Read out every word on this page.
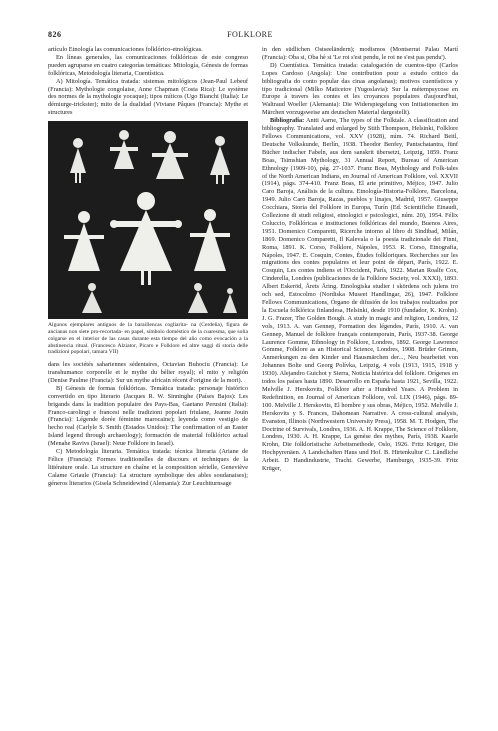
826	FOLKLORE

artículo Etnología las comunicaciones folklórico-etnológicas.

En líneas generales, las comunicaciones folklóricas de este congreso pueden agruparse en cuatro categorías temáticas: Mitología, Génesis de formas folklóricas, Metodología literaria, Cuentística.

A) Mitología. Temática tratada: sistemas mitológicos (Jean-Paul Lebeuf (Francia): Mythologie congolaise, Anne Chapman (Costa Rica): Le système des normes de la mythologie yocaque); tipos míticos (Ugo Bianchi (Italia): Le démiurge-trickster); mito de la dualidad (Viviane Pâques (Francia): Mythe et structures

Algunos ejemplares antiguos de la baraillencas cogliarita- na (Cerdeña), figura de ancianas non siete pro-recortada- en papel, símbolo doméstico de la cuaresma, que solía colgarse en el interior de las casas durante esta tiempo del año como evocación a la abstinencia ritual. (Francesco Alziator, Picaro e Folklore ed altre saggi di storia delle tradizioni popolari, tamara VII)

dans les sociétés sahariennes sédentaires, Octavian Buhociu (Francia): Le transhumance corporelle et le mythe du bélier royal); el mito y religión (Denise Paulme (Francia): Sur un mythe africain récent d'origine de la mort).

B) Génesis de formas folklóricas. Temática tratada: personaje histórico convertido en tipo literario (Jacques R. W. Sinninghe (Países Bajos): Les brigands dans la tradition populaire des Pays-Bas, Gaetano Perusini (Italia): Franco-carolingi e francesi nelle tradizioni popolari friulane, Jeanne Jouin (Francia): Légende dorée féminine marocaine); leyenda como vestigio de hecho real (Carlyle S. Smith (Estados Unidos): The confirmation of an Easter Island legend through archaeology); formación de material folklórico actual (Menahe Ravivs (Israel): Neue Folklore in Israel).

C) Metodología literaria. Temática tratada: técnica literaria (Ariane de Félice (Francia): Formes traditionelles de discours et techniques de la littérature orale. La structure en chaîne et la composition sérielle, Geneviève Calame Griaule (Francia): La structure symbolique des ables soudanaises); géneros literarios (Gisela Schneidewind (Alemania): Zur Leuchtturnsage

in den südlichen Ostseeländern); modismos (Montserrat Palau Martí (Francia): Oba si, Oba hè si 'Le roi s'est pendu, le roi ne s'est pas pendu').

D) Cuentística. Temática tratada: catalogación de cuentos-tipo (Carlos Lopes Cardoso (Angola): Une contribution pour a estudo critico da bibliografia do conto popular das cinas angolanas); motivos cuentísticos y tipo tradicional (Milko Maticetov (Yugoslavia): Sur la métempsycose en Europe à travers les contes et les croyances populaires d'aujourd'hui, Waltraud Woeller (Alemania): Die Widerspiegelung von Initiationsriten im Märchen vorzugsweise am deutschen Material dargestellt).

Bibliografía: Antti Aarne, The types of the Folktale. A classification and bibliography. Translated and enlarged by Stith Thompson, Helsinki, Folklore Fellows Communications, vol. XXV (1928), núm. 74. Richard Beitl, Deutsche Volkskunde, Berlín, 1938. Theodor Benfey, Pantschatantra, fünf Bücher indischer Fabeln, aus dem sanskrit übersetzt, Leipzig, 1859. Franz Boas, Tsimshian Mythology, 31 Annual Report, Bureau of American Ethnology (1909-10), pág. 27-1037. Franz Boas, Mythology and Folk-tales of the North American Indians, en Journal of American Folklore, vol. XXVII (1914), págs. 374-410. Franz Boas, El arte primitivo, Méjico, 1947. Julio Caro Baroja, Análisis de la cultura. Etnología-Historia-Folklore, Barcelona, 1949. Julio Caro Baroja, Razas, pueblos y linajes, Madrid, 1957. Giuseppe Cocchiara, Storia del Folklore in Europa, Turín (Ed. Scientifiche Einaudi, Collezione di studi religiosi, etnologici e psicologici, núm. 20), 1954. Félix Coluccio, Folklóricas e instituciones folklóricas del mundo, Buenos Aires, 1951. Domenico Comparetti, Ricerche intorno al libro di Sindibad, Milán, 1869. Domenico Comparetti, Il Kalevala o la poesia tradizionale dei Finni, Roma, 1891. K. Corso, Folklore, Nápoles, 1953. R. Corso, Etnografia, Nápoles, 1947. E. Cosquin, Contes, Études folkloriques. Recherches sur les migrations des contes populaires et leur point de départ, París, 1922. E. Cosquin, Les contes indiens et l'Occident, París, 1922. Marian Roalfe Cox, Cinderella, Londres (publicaciones de la Folklore Society, vol. XXXI), 1893. Albert Eskeröd, Årets Äring. Etnologiska studier i skördens och julens tro och sed, Estocolmo (Nordiska Museet Handlingar, 26), 1947. Folklore Fellows Communications, Órgano de difusión de los trabajos realizados por la Escuela folklórica finlandesa, Helsinki, desde 1910 (fundador, K. Krohn). J. G. Frazer, The Golden Bough. A study in magic and religion, Londres, 12 vols, 1913. A. van Gennep, Formation des légendes, París, 1910. A. van Gennep, Manuel de folklore français contemporain, París, 1937-38. George Laurence Gomme, Ethnology in Folklore, Londres, 1892. George Lawrence Gomme, Folklore as an Historical Science, Londres, 1908. Brüder Grimm, Anmerkungen zu den Kinder und Hausmärchen der..., Neu bearbeitet von Johannes Bolte und Georg Polívka, Leipzig, 4 vols (1913, 1915, 1918 y 1930). Alejandro Guichot y Sierra, Noticia histórica del folklore. Orígenes en todos los países hasta 1890. Desarrollo en España hasta 1921, Sevilla, 1922. Melville J. Herskovits, Folklore after a Hundred Years. A Problem in Redefinition, en Journal of American Folklore, vol. LIX (1946), págs. 89-100. Melville J. Herskovits, El hombre y sus obras, Méjico, 1952. Melville J. Herskovits y S. Frances, Dahomean Narrative. A cross-cultural analysis, Evanston, Illinois (Northwestern University Press), 1958. M. T. Hodgen, The Doctrine of Survivals, Londres, 1936. A. H. Krappe, The Science of Folklore, Londres, 1930. A. H. Krappe, La genèse des mythes, París, 1938. Kaarle Krohn, Die folkloristische Arbeitsmethode, Oslo, 1926. Fritz Krüger, Die Hochpyrenäen. A Landschaften Haus und Hof. B. Hirtenkultur C. Ländliche Arbeit. D Handindustrie, Tracht. Gewerbe, Hamburgo, 1935-39. Fritz Krüger,
